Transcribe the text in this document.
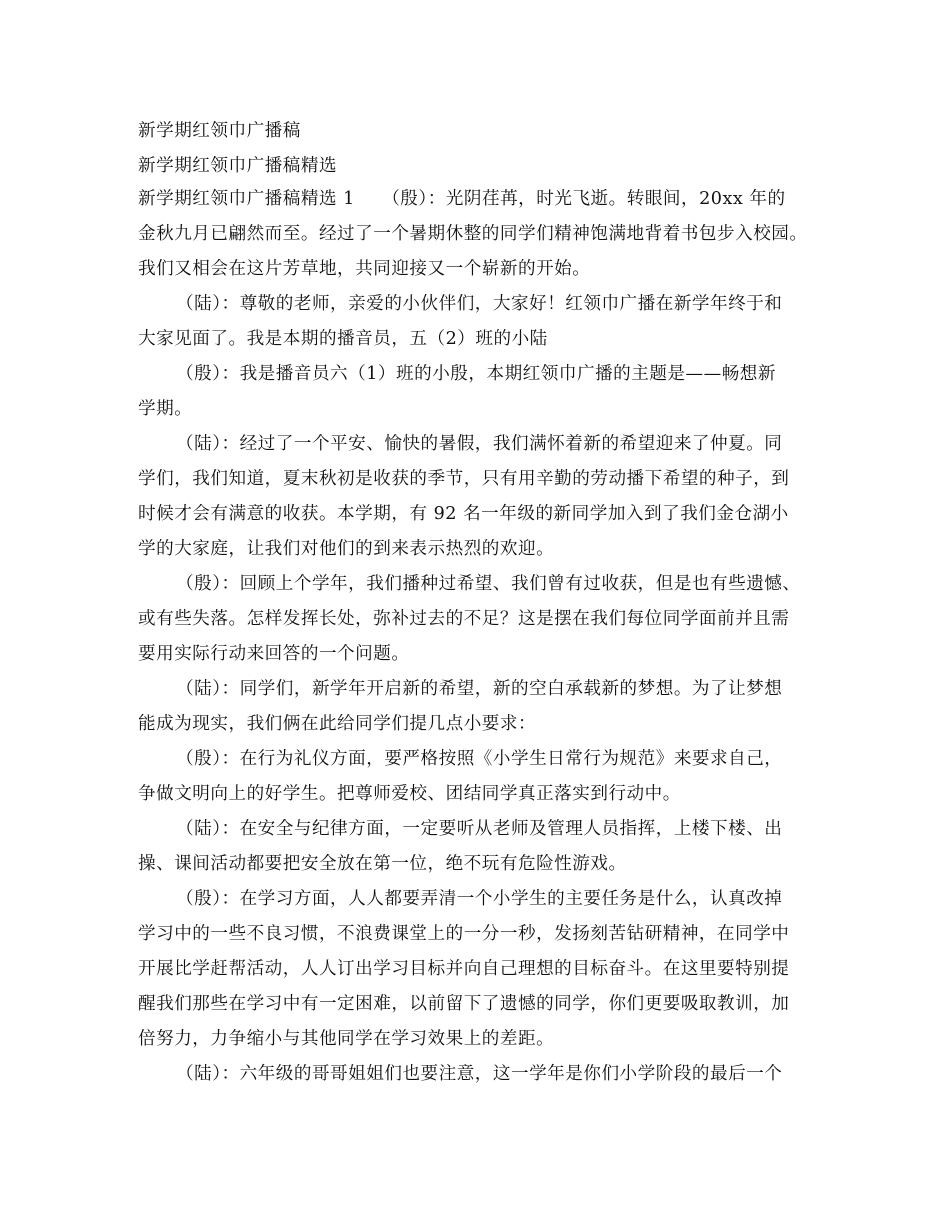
新学期红领巾广播稿
新学期红领巾广播稿精选
新学期红领巾广播稿精选 1　　（殷）：光阴荏苒，时光飞逝。转眼间，20xx 年的
金秋九月已翩然而至。经过了一个暑期休整的同学们精神饱满地背着书包步入校园。
我们又相会在这片芳草地，共同迎接又一个崭新的开始。
（陆）：尊敬的老师，亲爱的小伙伴们，大家好！红领巾广播在新学年终于和
大家见面了。我是本期的播音员，五（2）班的小陆
（殷）：我是播音员六（1）班的小殷，本期红领巾广播的主题是——畅想新
学期。
（陆）：经过了一个平安、愉快的暑假，我们满怀着新的希望迎来了仲夏。同
学们，我们知道，夏末秋初是收获的季节，只有用辛勤的劳动播下希望的种子，到
时候才会有满意的收获。本学期，有 92 名一年级的新同学加入到了我们金仓湖小
学的大家庭，让我们对他们的到来表示热烈的欢迎。
（殷）：回顾上个学年，我们播种过希望、我们曾有过收获，但是也有些遗憾、
或有些失落。怎样发挥长处，弥补过去的不足？这是摆在我们每位同学面前并且需
要用实际行动来回答的一个问题。
（陆）：同学们，新学年开启新的希望，新的空白承载新的梦想。为了让梦想
能成为现实，我们俩在此给同学们提几点小要求：
（殷）：在行为礼仪方面，要严格按照《小学生日常行为规范》来要求自己，
争做文明向上的好学生。把尊师爱校、团结同学真正落实到行动中。
（陆）：在安全与纪律方面，一定要听从老师及管理人员指挥，上楼下楼、出
操、课间活动都要把安全放在第一位，绝不玩有危险性游戏。
（殷）：在学习方面，人人都要弄清一个小学生的主要任务是什么，认真改掉
学习中的一些不良习惯，不浪费课堂上的一分一秒，发扬刻苦钻研精神，在同学中
开展比学赶帮活动，人人订出学习目标并向自己理想的目标奋斗。在这里要特别提
醒我们那些在学习中有一定困难，以前留下了遗憾的同学，你们更要吸取教训，加
倍努力，力争缩小与其他同学在学习效果上的差距。
（陆）：六年级的哥哥姐姐们也要注意，这一学年是你们小学阶段的最后一个
